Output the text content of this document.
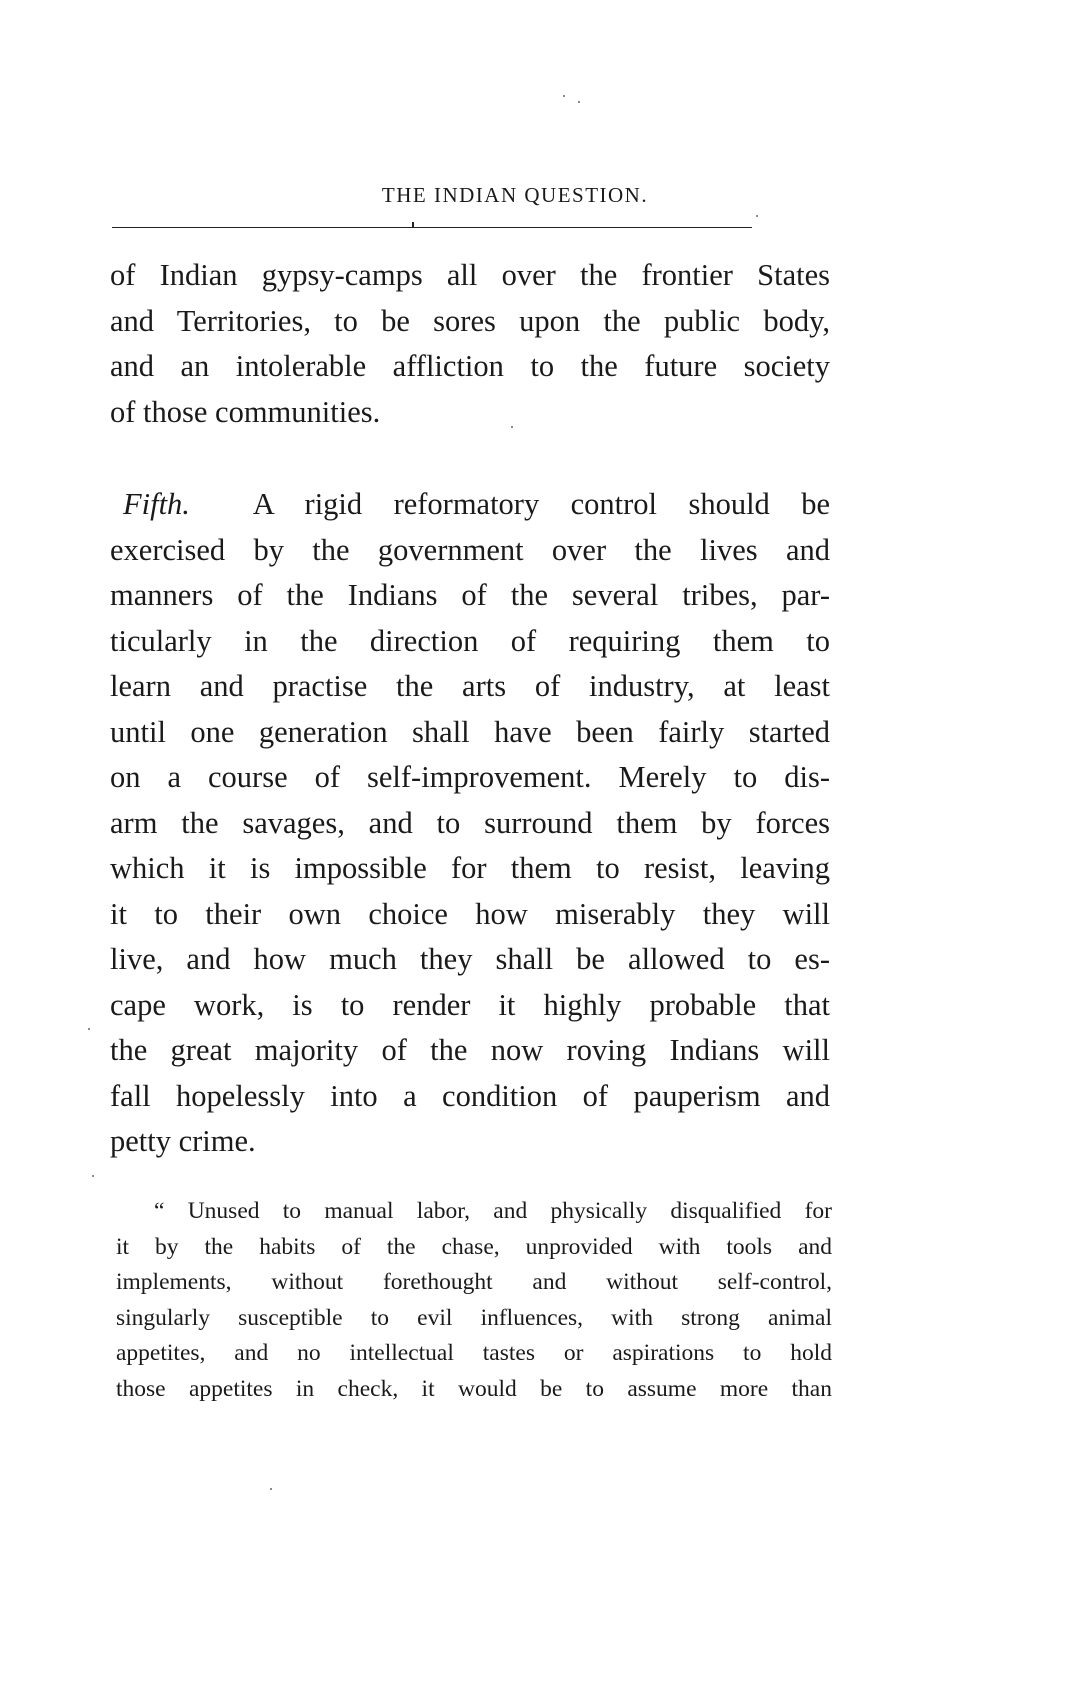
THE INDIAN QUESTION.
of Indian gypsy-camps all over the frontier States
and Territories, to be sores upon the public body,
and an intolerable affliction to the future society
of those communities.
Fifth. A rigid reformatory control should be
exercised by the government over the lives and
manners of the Indians of the several tribes, par-
ticularly in the direction of requiring them to
learn and practise the arts of industry, at least
until one generation shall have been fairly started
on a course of self-improvement. Merely to dis-
arm the savages, and to surround them by forces
which it is impossible for them to resist, leaving
it to their own choice how miserably they will
live, and how much they shall be allowed to es-
cape work, is to render it highly probable that
the great majority of the now roving Indians will
fall hopelessly into a condition of pauperism and
petty crime.
“ Unused to manual labor, and physically disqualified for
it by the habits of the chase, unprovided with tools and
implements, without forethought and without self-control,
singularly susceptible to evil influences, with strong animal
appetites, and no intellectual tastes or aspirations to hold
those appetites in check, it would be to assume more than
